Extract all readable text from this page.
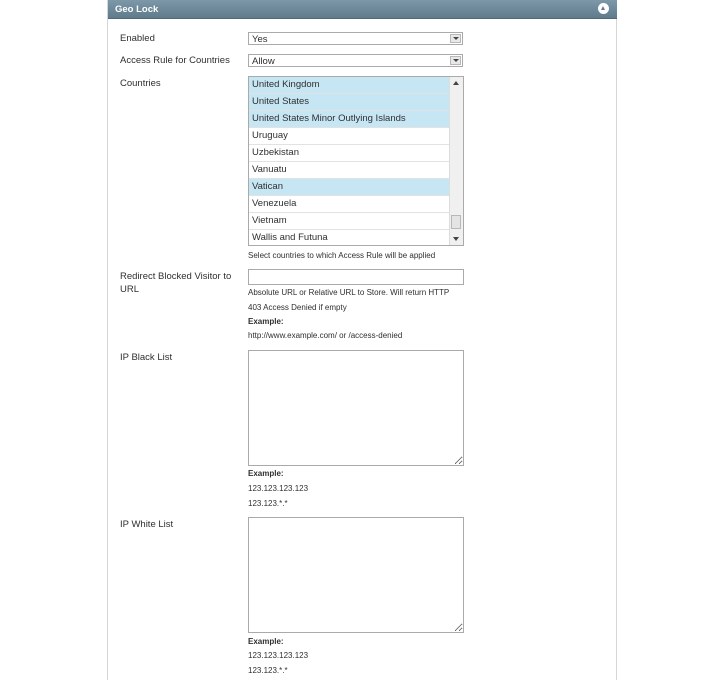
Geo Lock
Enabled	Yes
Access Rule for Countries Allow
Countries	United Kingdom
United States
United States Minor Outlying Islands
Uruguay
Uzbekistan
Vanuatu
Vatican
Venezuela
Vietnam
Wallis and Futuna
Select countries to which Access Rule will be applied
Redirect Blocked Visitor to
URL	Absolute URL or Relative URL to Store. Will return HTTP
403 Access Denied if empty
Example:
http://www.example.com/ or /access-denied
IP Black List
Example:
123.123.123.123
123.123.*.*
IP White List
Example:
123.123.123.123
123.123.*.*
